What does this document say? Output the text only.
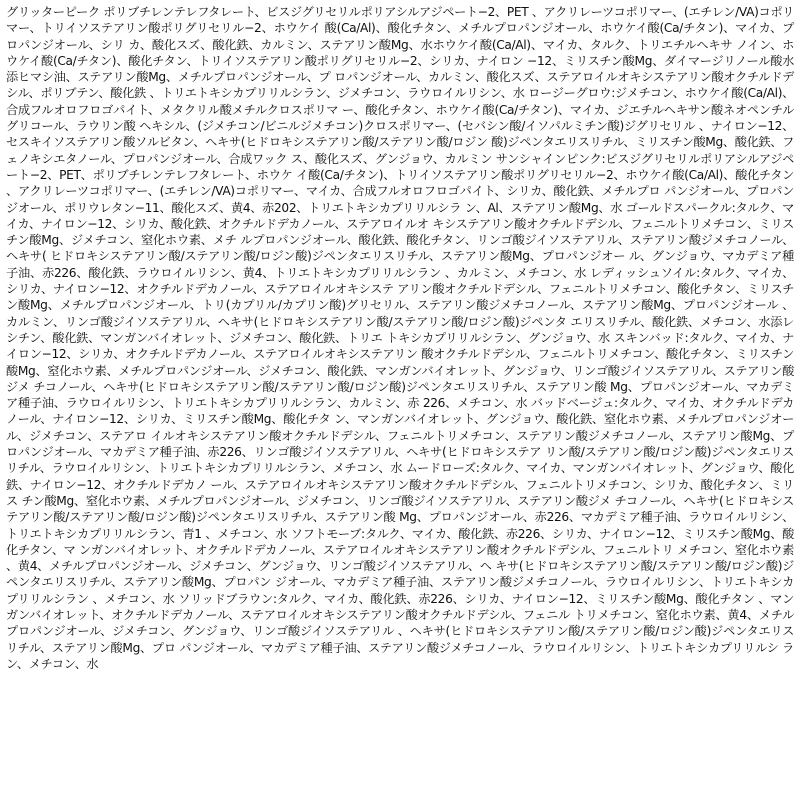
グリッターピーク ポリブチレンテレフタレート、ビスジグリセリルポリアシルアジペート−2、PET 、アクリレーツコポリマー、(エチレン/VA)コポリマー、トリイソステアリン酸ポリグリセリル−2、ホウケイ 酸(Ca/Al)、酸化チタン、メチルプロパンジオール、ホウケイ酸(Ca/チタン)、マイカ、プロパンジオール、シリ カ、酸化スズ、酸化鉄、カルミン、ステアリン酸Mg、水ホウケイ酸(Ca/Al)、マイカ、タルク、トリエチルヘキサ ノイン、ホウケイ酸(Ca/チタン)、酸化チタン、トリイソステアリン酸ポリグリセリル−2、シリカ、ナイロン −12、ミリスチン酸Mg、ダイマージリノール酸水添ヒマシ油、ステアリン酸Mg、メチルプロパンジオール、プ ロパンジオール、カルミン、酸化スズ、ステアロイルオキシステアリン酸オクチルドデシル、ポリブテン、酸化鉄 、トリエトキシカプリリルシラン、ジメチコン、ラウロイルリシン、水 ロージーグロウ:ジメチコン、ホウケイ酸(Ca/Al)、合成フルオロフロゴパイト、メタクリル酸メチルクロスポリマ ー、酸化チタン、ホウケイ酸(Ca/チタン)、マイカ、ジエチルヘキサン酸ネオペンチルグリコール、ラウリン酸 ヘキシル、(ジメチコン/ビニルジメチコン)クロスポリマー、(セバシン酸/イソパルミチン酸)ジグリセリル 、ナイロン−12、セスキイソステアリン酸ソルビタン、ヘキサ(ヒドロキシステアリン酸/ステアリン酸/ロジン 酸)ジペンタエリスリチル、ミリスチン酸Mg、酸化鉄、フェノキシエタノール、プロパンジオール、合成ワック ス、酸化スズ、グンジョウ、カルミン サンシャインピンク:ビスジグリセリルポリアシルアジペート−2、PET、ポリブチレンテレフタレート、ホウケ イ酸(Ca/チタン)、トリイソステアリン酸ポリグリセリル−2、ホウケイ酸(Ca/Al)、酸化チタン、アクリレーツコポリマー、(エチレン/VA)コポリマー、マイカ、合成フルオロフロゴパイト、シリカ、酸化鉄、メチルプロ パンジオール、プロパンジオール、ポリウレタン−11、酸化スズ、黄4、赤202、トリエトキシカプリリルシラ ン、Al、ステアリン酸Mg、水 ゴールドスパークル:タルク、マイカ、ナイロン−12、シリカ、酸化鉄、オクチルドデカノール、ステアロイルオ キシステアリン酸オクチルドデシル、フェニルトリメチコン、ミリスチン酸Mg、ジメチコン、窒化ホウ素、メチ ルプロパンジオール、酸化鉄、酸化チタン、リンゴ酸ジイソステアリル、ステアリン酸ジメチコノール、ヘキサ( ヒドロキシステアリン酸/ステアリン酸/ロジン酸)ジペンタエリスリチル、ステアリン酸Mg、プロパンジオー ル、グンジョウ、マカデミア種子油、赤226、酸化鉄、ラウロイルリシン、黄4、トリエトキシカプリリルシラン 、カルミン、メチコン、水 レディッシュソイル:タルク、マイカ、シリカ、ナイロン−12、オクチルドデカノール、ステアロイルオキシステ アリン酸オクチルドデシル、フェニルトリメチコン、酸化チタン、ミリスチン酸Mg、メチルプロパンジオール、トリ(カプリル/カプリン酸)グリセリル、ステアリン酸ジメチコノール、ステアリン酸Mg、プロパンジオール 、カルミン、リンゴ酸ジイソステアリル、ヘキサ(ヒドロキシステアリン酸/ステアリン酸/ロジン酸)ジペンタ エリスリチル、酸化鉄、メチコン、水添レシチン、酸化鉄、マンガンバイオレット、ジメチコン、酸化鉄、トリエ トキシカプリリルシラン、グンジョウ、水 スキンバッド:タルク、マイカ、ナイロン−12、シリカ、オクチルドデカノール、ステアロイルオキシステアリン 酸オクチルドデシル、フェニルトリメチコン、酸化チタン、ミリスチン酸Mg、窒化ホウ素、メチルプロパンジオール、ジメチコン、酸化鉄、マンガンバイオレット、グンジョウ、リンゴ酸ジイソステアリル、ステアリン酸ジメ チコノール、ヘキサ(ヒドロキシステアリン酸/ステアリン酸/ロジン酸)ジペンタエリスリチル、ステアリン酸 Mg、プロパンジオール、マカデミア種子油、ラウロイルリシン、トリエトキシカプリリルシラン、カルミン、赤 226、メチコン、水 バッドベージュ:タルク、マイカ、オクチルドデカノール、ナイロン−12、シリカ、ミリスチン酸Mg、酸化チタ ン、マンガンバイオレット、グンジョウ、酸化鉄、窒化ホウ素、メチルプロパンジオール、ジメチコン、ステアロ イルオキシステアリン酸オクチルドデシル、フェニルトリメチコン、ステアリン酸ジメチコノール、ステアリン酸Mg、プロパンジオール、マカデミア種子油、赤226、リンゴ酸ジイソステアリル、ヘキサ(ヒドロキシステア リン酸/ステアリン酸/ロジン酸)ジペンタエリスリチル、ラウロイルリシン、トリエトキシカプリリルシラン、メチコン、水 ムードローズ:タルク、マイカ、マンガンバイオレット、グンジョウ、酸化鉄、ナイロン−12、オクチルドデカノ ール、ステアロイルオキシステアリン酸オクチルドデシル、フェニルトリメチコン、シリカ、酸化チタン、ミリス チン酸Mg、窒化ホウ素、メチルプロパンジオール、ジメチコン、リンゴ酸ジイソステアリル、ステアリン酸ジメ チコノール、ヘキサ(ヒドロキシステアリン酸/ステアリン酸/ロジン酸)ジペンタエリスリチル、ステアリン酸 Mg、プロパンジオール、赤226、マカデミア種子油、ラウロイルリシン、トリエトキシカプリリルシラン、青1 、メチコン、水 ソフトモーブ:タルク、マイカ、酸化鉄、赤226、シリカ、ナイロン−12、ミリスチン酸Mg、酸化チタン、マ ンガンバイオレット、オクチルドデカノール、ステアロイルオキシステアリン酸オクチルドデシル、フェニルトリ メチコン、窒化ホウ素、黄4、メチルプロパンジオール、ジメチコン、グンジョウ、リンゴ酸ジイソステアリル、ヘ キサ(ヒドロキシステアリン酸/ステアリン酸/ロジン酸)ジペンタエリスリチル、ステアリン酸Mg、プロパン ジオール、マカデミア種子油、ステアリン酸ジメチコノール、ラウロイルリシン、トリエトキシカプリリルシラン 、メチコン、水 ソリッドブラウン:タルク、マイカ、酸化鉄、赤226、シリカ、ナイロン−12、ミリスチン酸Mg、酸化チタン 、マンガンバイオレット、オクチルドデカノール、ステアロイルオキシステアリン酸オクチルドデシル、フェニル トリメチコン、窒化ホウ素、黄4、メチルプロパンジオール、ジメチコン、グンジョウ、リンゴ酸ジイソステアリル 、ヘキサ(ヒドロキシステアリン酸/ステアリン酸/ロジン酸)ジペンタエリスリチル、ステアリン酸Mg、プロ パンジオール、マカデミア種子油、ステアリン酸ジメチコノール、ラウロイルリシン、トリエトキシカプリリルシ ラン、メチコン、水
